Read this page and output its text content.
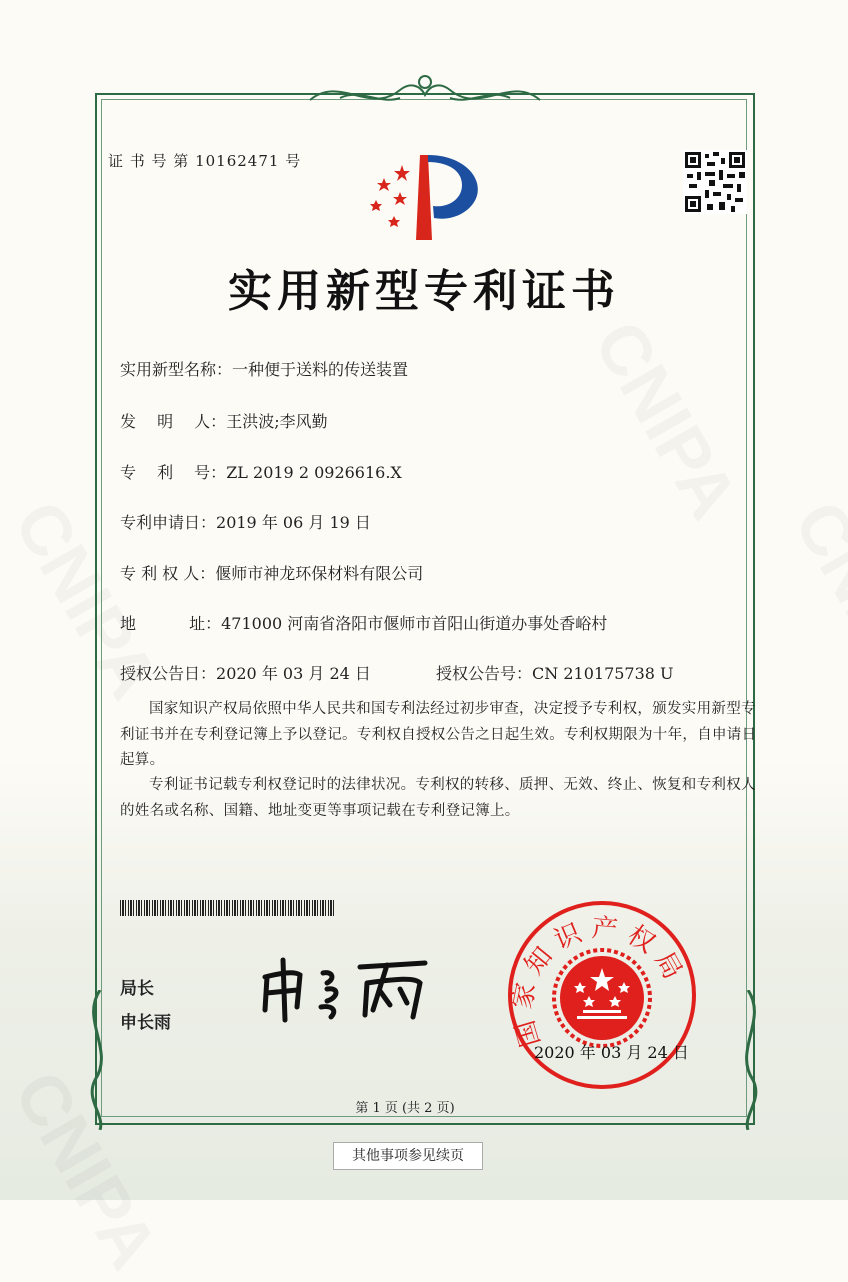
证 书 号 第 10162471 号
实用新型专利证书
实用新型名称：一种便于送料的传送装置
发　 明　 人：王洪波;李风勤
专　 利　 号：ZL 2019 2 0926616.X
专利申请日：2019 年 06 月 19 日
专 利 权 人：偃师市神龙环保材料有限公司
地　　　 址：471000 河南省洛阳市偃师市首阳山街道办事处香峪村
授权公告日：2020 年 03 月 24 日	授权公告号：CN 210175738 U
国家知识产权局依照中华人民共和国专利法经过初步审查，决定授予专利权，颁发实用新型专利证书并在专利登记簿上予以登记。专利权自授权公告之日起生效。专利权期限为十年，自申请日起算。
专利证书记载专利权登记时的法律状况。专利权的转移、质押、无效、终止、恢复和专利权人的姓名或名称、国籍、地址变更等事项记载在专利登记簿上。
局长
申长雨	国家知识产权局
2020 年 03 月 24 日
第 1 页 (共 2 页)
其他事项参见续页
